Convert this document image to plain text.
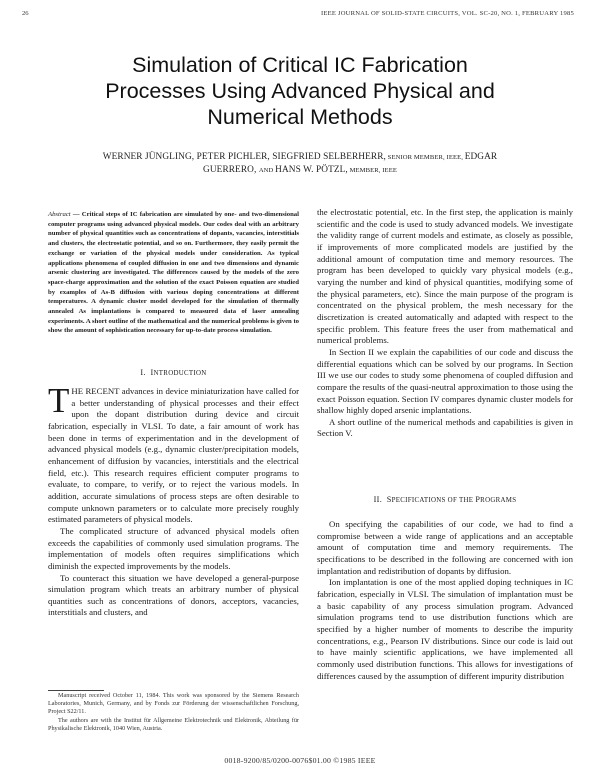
26	IEEE JOURNAL OF SOLID-STATE CIRCUITS, VOL. SC-20, NO. 1, FEBRUARY 1985
Simulation of Critical IC Fabrication
Processes Using Advanced Physical and
Numerical Methods
WERNER JÜNGLING, PETER PICHLER, SIEGFRIED SELBERHERR, SENIOR MEMBER, IEEE, EDGAR
GUERRERO, AND HANS W. PÖTZL, MEMBER, IEEE
Abstract — Critical steps of IC fabrication are simulated by one- and two-dimensional computer programs using advanced physical models. Our codes deal with an arbitrary number of physical quantities such as concentrations of dopants, vacancies, interstitials and clusters, the electrostatic potential, and so on. Furthermore, they easily permit the exchange or variation of the physical models under consideration. As typical applications phenomena of coupled diffusion in one and two dimensions and dynamic arsenic clustering are investigated. The differences caused by the models of the zero space-charge approximation and the solution of the exact Poisson equation are studied by examples of As-B diffusion with various doping concentrations at different temperatures. A dynamic cluster model developed for the simulation of thermally annealed As implantations is compared to measured data of laser annealing experiments. A short outline of the mathematical and the numerical problems is given to show the amount of sophistication necessary for up-to-date process simulation.
I. INTRODUCTION

THE RECENT advances in device miniaturization have called for a better understanding of physical processes and their effect upon the dopant distribution during device and circuit fabrication, especially in VLSI. To date, a fair amount of work has been done in terms of experimentation and in the development of advanced physical models (e.g., dynamic cluster/precipitation models, enhancement of diffusion by vacancies, interstitials and the electrical field, etc.). This research requires efficient computer programs to evaluate, to compare, to verify, or to reject the various models. In addition, accurate simulations of process steps are often desirable to compute unknown parameters or to calculate more precisely roughly estimated parameters of physical models.

The complicated structure of advanced physical models often exceeds the capabilities of commonly used simulation programs. The implementation of models often requires simplifications which diminish the expected improvements by the models.

To counteract this situation we have developed a general-purpose simulation program which treats an arbitrary number of physical quantities such as concentrations of donors, acceptors, vacancies, interstitials and clusters, and

Manuscript received October 11, 1984. This work was sponsored by the Siemens Research Laboratories, Munich, Germany, and by Fonds zur Förderung der wissenschaftlichen Forschung, Project S22/11.

The authors are with the Institut für Allgemeine Elektrotechnik und Elektronik, Abteilung für Physikalische Elektronik, 1040 Wien, Austria.

the electrostatic potential, etc. In the first step, the application is mainly scientific and the code is used to study advanced models. We investigate the validity range of current models and estimate, as closely as possible, if improvements of more complicated models are justified by the additional amount of computation time and memory resources. The program has been developed to quickly vary physical models (e.g., varying the number and kind of physical quantities, modifying some of the physical parameters, etc). Since the main purpose of the program is concentrated on the physical problem, the mesh necessary for the discretization is created automatically and adapted with respect to the specific problem. This feature frees the user from mathematical and numerical problems.

In Section II we explain the capabilities of our code and discuss the differential equations which can be solved by our programs. In Section III we use our codes to study some phenomena of coupled diffusion and compare the results of the quasi-neutral approximation to those using the exact Poisson equation. Section IV compares dynamic cluster models for shallow highly doped arsenic implantations.

A short outline of the numerical methods and capabilities is given in Section V.

II. SPECIFICATIONS OF THE PROGRAMS

On specifying the capabilities of our code, we had to find a compromise between a wide range of applications and an acceptable amount of computation time and memory requirements. The specifications to be described in the following are concerned with ion implantation and redistribution of dopants by diffusion.

Ion implantation is one of the most applied doping techniques in IC fabrication, especially in VLSI. The simulation of implantation must be a basic capability of any process simulation program. Advanced simulation programs tend to use distribution functions which are specified by a higher number of moments to describe the impurity concentrations, e.g., Pearson IV distributions. Since our code is laid out to have mainly scientific applications, we have implemented all commonly used distribution functions. This allows for investigations of differences caused by the assumption of different impurity distribution

0018-9200/85/0200-0076$01.00 ©1985 IEEE
